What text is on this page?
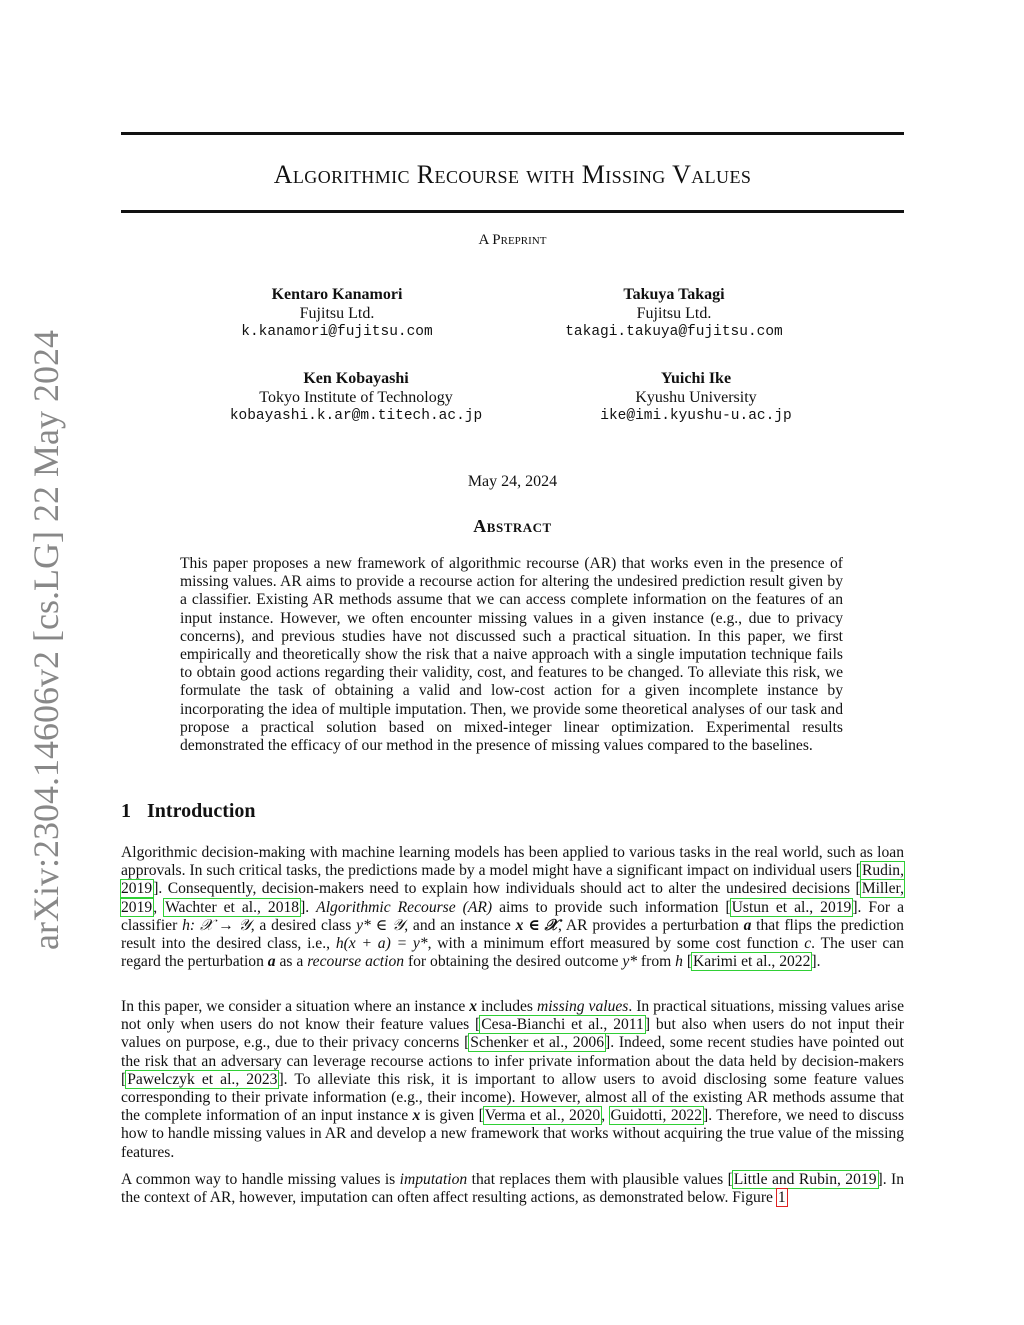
arXiv:2304.14606v2 [cs.LG] 22 May 2024
Algorithmic Recourse with Missing Values
A Preprint
Kentaro Kanamori
Fujitsu Ltd.
k.kanamori@fujitsu.com
Takuya Takagi
Fujitsu Ltd.
takagi.takuya@fujitsu.com
Ken Kobayashi
Tokyo Institute of Technology
kobayashi.k.ar@m.titech.ac.jp
Yuichi Ike
Kyushu University
ike@imi.kyushu-u.ac.jp
May 24, 2024
Abstract

This paper proposes a new framework of algorithmic recourse (AR) that works even in the presence of missing values. AR aims to provide a recourse action for altering the undesired prediction result given by a classifier. Existing AR methods assume that we can access complete information on the features of an input instance. However, we often encounter missing values in a given instance (e.g., due to privacy concerns), and previous studies have not discussed such a practical situation. In this paper, we first empirically and theoretically show the risk that a naive approach with a single imputation technique fails to obtain good actions regarding their validity, cost, and features to be changed. To alleviate this risk, we formulate the task of obtaining a valid and low-cost action for a given incomplete instance by incorporating the idea of multiple imputation. Then, we provide some theoretical analyses of our task and propose a practical solution based on mixed-integer linear optimization. Experimental results demonstrated the efficacy of our method in the presence of missing values compared to the baselines.

1 Introduction

Algorithmic decision-making with machine learning models has been applied to various tasks in the real world, such as loan approvals. In such critical tasks, the predictions made by a model might have a significant impact on individual users [Rudin, 2019]. Consequently, decision-makers need to explain how individuals should act to alter the undesired decisions [Miller, 2019, Wachter et al., 2018]. Algorithmic Recourse (AR) aims to provide such information [Ustun et al., 2019]. For a classifier h: 𝒳 → 𝒴, a desired class y* ∈ 𝒴, and an instance x ∈ 𝒳, AR provides a perturbation a that flips the prediction result into the desired class, i.e., h(x + a) = y*, with a minimum effort measured by some cost function c. The user can regard the perturbation a as a recourse action for obtaining the desired outcome y* from h [Karimi et al., 2022].

In this paper, we consider a situation where an instance x includes missing values. In practical situations, missing values arise not only when users do not know their feature values [Cesa-Bianchi et al., 2011] but also when users do not input their values on purpose, e.g., due to their privacy concerns [Schenker et al., 2006]. Indeed, some recent studies have pointed out the risk that an adversary can leverage recourse actions to infer private information about the data held by decision-makers [Pawelczyk et al., 2023]. To alleviate this risk, it is important to allow users to avoid disclosing some feature values corresponding to their private information (e.g., their income). However, almost all of the existing AR methods assume that the complete information of an input instance x is given [Verma et al., 2020, Guidotti, 2022]. Therefore, we need to discuss how to handle missing values in AR and develop a new framework that works without acquiring the true value of the missing features.

A common way to handle missing values is imputation that replaces them with plausible values [Little and Rubin, 2019]. In the context of AR, however, imputation can often affect resulting actions, as demonstrated below. Figure 1
